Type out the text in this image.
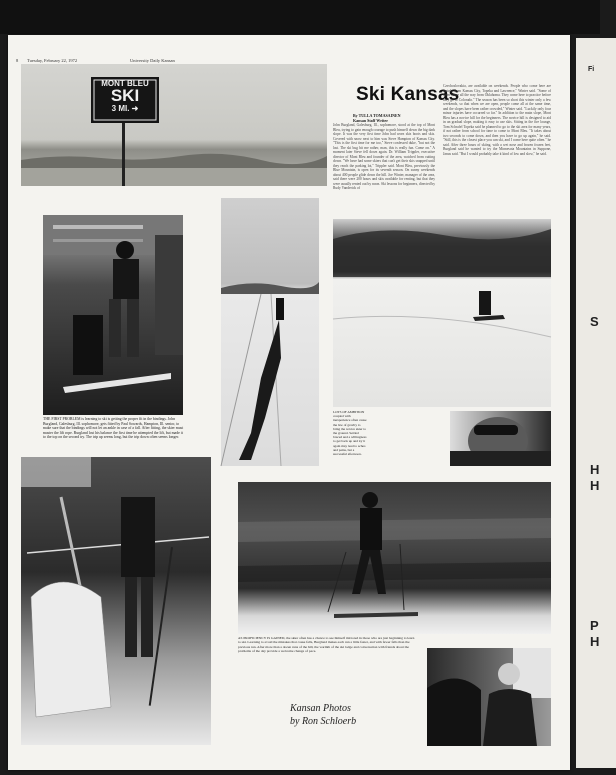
8 Tuesday, February 22, 1972	University Daily Kansan
MONT BLEU
SKI
3 MI. ➜
Ski Kansas
By TULLA TOMASAINEN
Kansan Staff Writer
John Burgland, Galesburg, Ill., sophomore, stood at the top of Mont Bleu, trying to gain enough courage to push himself down the big dark slope. It was the very first time John had worn skis boots and skis. Covered with snow next to him was Steve Hampton of Kansas City. "This is the first time for me too," Steve confessed duke, "but not the last. The ski bug bit me rather, man, this is really fun. Come on." A moment later Steve fell down again. Dr. William Trippler, executive director of Mont Bleu and founder of the area, watched from cutting down. "We have had some skiers that can't get their skis snapped until they reach the parking lot," Trippler said. Mont Bleu, previously the Blue Mountain, is open for its seventh season. On sunny weekends about 400 people glide down the hill. Joe Winter, manager of the area, said there were 200 hours and skis available for renting, but that they were usually rented out by noon. Ski lessons for beginners, directed by Rudy Vanderick of
Czechoslovakia, are available on weekends. People who come here are mainly from Kansas City, Topeka and Lawrence," Winter said. "Some of them come all the way from Oklahoma. They come here to practice before they go to Colorado." The season has been so short this winter only a few weekends, so that when we are open, people come all at the same time, and the slopes have been rather crowded," Winter said. "Luckily only four minor injuries have occurred so far." In addition to the main slope, Mont Bleu has a novice hill for the beginners. The novice hill is designed to aid in an gradual slope, making it easy to use skis. Sitting in the fire lounge, Tom Schrafel Topeka said he planned to go to the ski area for many years, if not rather from school for time to come to Mont Bleu. "It takes about two seconds to come down, and then you have to go up again," he said. "Still, this is the closest place you can ski, and I come here quite often." he said. After three hours of skiing, with a wet nose and frozen frozen feet, Burgland said he wanted to try the Minnesota Mountains in Suppone, Janus said. "But I would probably take it kind of low and slow," he said.
THE FIRST PROBLEM is learning to ski is getting the proper fit in the bindings. John Burgland, Galesburg, Ill. sophomore, gets fitted by Paul Sowards, Hampton, Ill. senior, to make sure that the bindings will not let an ankle in case of a fall. After fitting, the skier must master the lift rope. Burgland lost his balance the first time he attempted the lift, but made it to the top on the second try. The trip up seems long, but the trip down often seems longer.
LOTS OF AMBITION coupled with inexperience often cause the law of gravity to bring the novice skier to the ground. Settled braced and a willingness to get back up and try it again may lead to aches and pains, but a successful afternoon.
AS PROFICIENCY IS GAINED, the skier often has a chance to see himself mirrored in those who are just beginning to learn to ski. Learning to avoid the mistakes that cause falls, Burgland makes each run a little faster, and with fewer falls than the previous run. After more than a dozen runs of the hill, the warmth of the ski lodge and conversation with friends about the problems of the day provide a welcome change of pace.
Kansan Photos
by Ron Schloerb
Fi
S
H
H
P
H
